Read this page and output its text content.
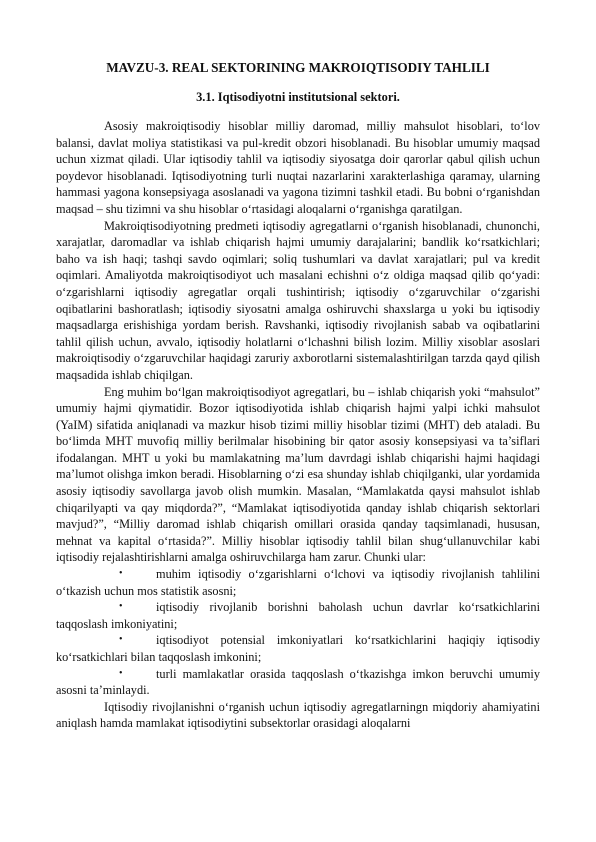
MAVZU-3. REAL SEKTORINING MAKROIQTISODIY TAHLILI
3.1. Iqtisodiyotni institutsional sektori.

Asosiy makroiqtisodiy hisoblar milliy daromad, milliy mahsulot hisoblari, to‘lov balansi, davlat moliya statistikasi va pul-kredit obzori hisoblanadi. Bu hisoblar umumiy maqsad uchun xizmat qiladi. Ular iqtisodiy tahlil va iqtisodiy siyosatga doir qarorlar qabul qilish uchun poydevor hisoblanadi. Iqtisodiyotning turli nuqtai nazarlarini xarakterlashiga qaramay, ularning hammasi yagona konsepsiyaga asoslanadi va yagona tizimni tashkil etadi. Bu bobni o‘rganishdan maqsad – shu tizimni va shu hisoblar o‘rtasidagi aloqalarni o‘rganishga qaratilgan.

Makroiqtisodiyotning predmeti iqtisodiy agregatlarni o‘rganish hisoblanadi, chunonchi, xarajatlar, daromadlar va ishlab chiqarish hajmi umumiy darajalarini; bandlik ko‘rsatkichlari; baho va ish haqi; tashqi savdo oqimlari; soliq tushumlari va davlat xarajatlari; pul va kredit oqimlari. Amaliyotda makroiqtisodiyot uch masalani echishni o‘z oldiga maqsad qilib qo‘yadi: o‘zgarishlarni iqtisodiy agregatlar orqali tushintirish; iqtisodiy o‘zgaruvchilar o‘zgarishi oqibatlarini bashoratlash; iqtisodiy siyosatni amalga oshiruvchi shaxslarga u yoki bu iqtisodiy maqsadlarga erishishiga yordam berish. Ravshanki, iqtisodiy rivojlanish sabab va oqibatlarini tahlil qilish uchun, avvalo, iqtisodiy holatlarni o‘lchashni bilish lozim. Milliy xisoblar asoslari makroiqtisodiy o‘zgaruvchilar haqidagi zaruriy axborotlarni sistemalashtirilgan tarzda qayd qilish maqsadida ishlab chiqilgan.

Eng muhim bo‘lgan makroiqtisodiyot agregatlari, bu – ishlab chiqarish yoki “mahsulot” umumiy hajmi qiymatidir. Bozor iqtisodiyotida ishlab chiqarish hajmi yalpi ichki mahsulot (YaIM) sifatida aniqlanadi va mazkur hisob tizimi milliy hisoblar tizimi (MHT) deb ataladi. Bu bo‘limda MHT muvofiq milliy berilmalar hisobining bir qator asosiy konsepsiyasi va ta’siflari ifodalangan. MHT u yoki bu mamlakatning ma’lum davrdagi ishlab chiqarishi hajmi haqidagi ma’lumot olishga imkon beradi. Hisoblarning o‘zi esa shunday ishlab chiqilganki, ular yordamida asosiy iqtisodiy savollarga javob olish mumkin. Masalan, “Mamlakatda qaysi mahsulot ishlab chiqarilyapti va qay miqdorda?”, “Mamlakat iqtisodiyotida qanday ishlab chiqarish sektorlari mavjud?”, “Milliy daromad ishlab chiqarish omillari orasida qanday taqsimlanadi, hususan, mehnat va kapital o‘rtasida?”. Milliy hisoblar iqtisodiy tahlil bilan shug‘ullanuvchilar kabi iqtisodiy rejalashtirishlarni amalga oshiruvchilarga ham zarur. Chunki ular:

•	muhim iqtisodiy o‘zgarishlarni o‘lchovi va iqtisodiy rivojlanish tahlilini o‘tkazish uchun mos statistik asosni;
•	iqtisodiy rivojlanib borishni baholash uchun davrlar ko‘rsatkichlarini taqqoslash imkoniyatini;
•	iqtisodiyot potensial imkoniyatlari ko‘rsatkichlarini haqiqiy iqtisodiy ko‘rsatkichlari bilan taqqoslash imkonini;
•	turli mamlakatlar orasida taqqoslash o‘tkazishga imkon beruvchi umumiy asosni ta’minlaydi.

Iqtisodiy rivojlanishni o‘rganish uchun iqtisodiy agregatlarningn miqdoriy ahamiyatini aniqlash hamda mamlakat iqtisodiytini subsektorlar orasidagi aloqalarni
